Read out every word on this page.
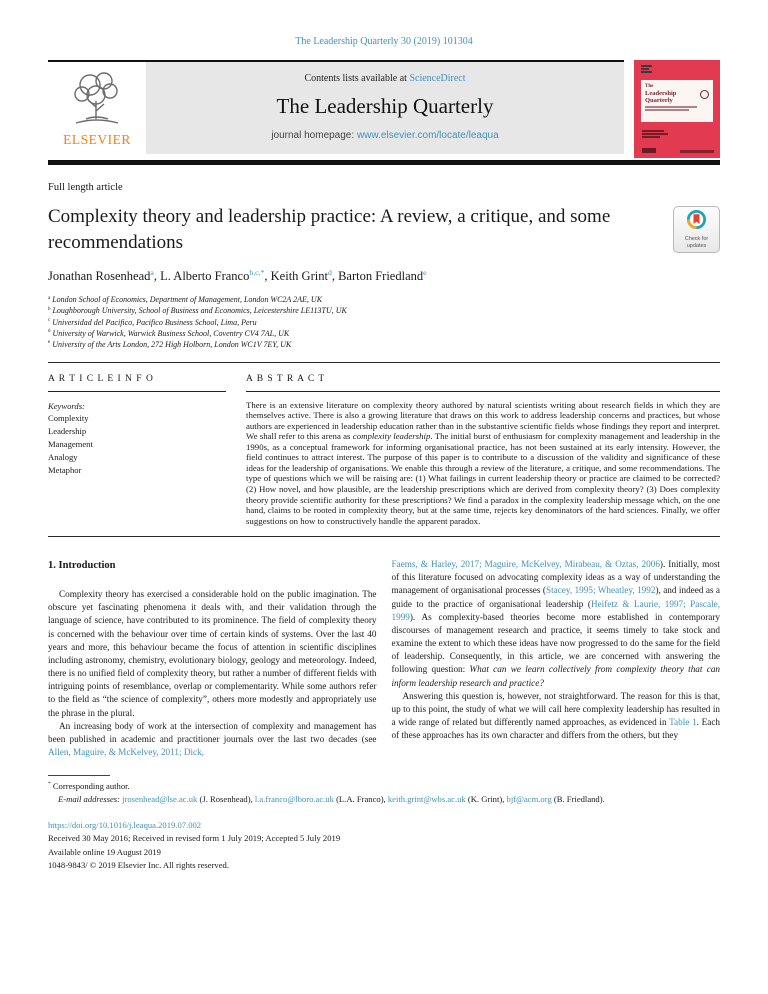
The Leadership Quarterly 30 (2019) 101304
ELSEVIER
Contents lists available at ScienceDirect
The Leadership Quarterly
journal homepage: www.elsevier.com/locate/leaqua
The
Leadership
Quarterly
Full length article
Complexity theory and leadership practice: A review, a critique, and some recommendations	Check for updates
Jonathan Rosenhead$^a$, L. Alberto Franco$^{b,c,*}$, Keith Grint$^d$, Barton Friedland$^e$
$^a$ London School of Economics, Department of Management, London WC2A 2AE, UK
$^b$ Loughborough University, School of Business and Economics, Leicestershire LE113TU, UK
$^c$ Universidad del Pacifico, Pacifico Business School, Lima, Peru
$^d$ University of Warwick, Warwick Business School, Coventry CV4 7AL, UK
$^e$ University of the Arts London, 272 High Holborn, London WC1V 7EY, UK
A R T I C L E I N F O
Keywords:
Complexity
Leadership
Management
Analogy
Metaphor
A B S T R A C T
There is an extensive literature on complexity theory authored by natural scientists writing about research fields in which they are themselves active. There is also a growing literature that draws on this work to address leadership concerns and practices, but whose authors are experienced in leadership education rather than in the substantive scientific fields whose findings they report and interpret. We shall refer to this arena as complexity leadership. The initial burst of enthusiasm for complexity management and leadership in the 1990s, as a conceptual framework for informing organisational practice, has not been sustained at its early intensity. However, the field continues to attract interest. The purpose of this paper is to contribute to a discussion of the validity and significance of these ideas for the leadership of organisations. We enable this through a review of the literature, a critique, and some recommendations. The type of questions which we will be raising are: (1) What failings in current leadership theory or practice are claimed to be corrected? (2) How novel, and how plausible, are the leadership prescriptions which are derived from complexity theory? (3) Does complexity theory provide scientific authority for these prescriptions? We find a paradox in the complexity leadership message which, on the one hand, claims to be rooted in complexity theory, but at the same time, rejects key denominators of the hard sciences. Finally, we offer suggestions on how to constructively handle the apparent paradox.
1. Introduction

Complexity theory has exercised a considerable hold on the public imagination. The obscure yet fascinating phenomena it deals with, and their validation through the language of science, have contributed to its prominence. The field of complexity theory is concerned with the behaviour over time of certain kinds of systems. Over the last 40 years and more, this behaviour became the focus of attention in scientific disciplines including astronomy, chemistry, evolutionary biology, geology and meteorology. Indeed, there is no unified field of complexity theory, but rather a number of different fields with intriguing points of resemblance, overlap or complementarity. While some authors refer to the field as “the science of complexity”, others more modestly and appropriately use the phrase in the plural.

An increasing body of work at the intersection of complexity and management has been published in academic and practitioner journals over the last two decades (see Allen, Maguire, & McKelvey, 2011; Dick,

Faems, & Harley, 2017; Maguire, McKelvey, Mirabeau, & Oztas, 2006). Initially, most of this literature focused on advocating complexity ideas as a way of understanding the management of organisational processes (Stacey, 1995; Wheatley, 1992), and indeed as a guide to the practice of organisational leadership (Heifetz & Laurie, 1997; Pascale, 1999). As complexity-based theories become more established in contemporary discourses of management research and practice, it seems timely to take stock and examine the extent to which these ideas have now progressed to do the same for the field of leadership. Consequently, in this article, we are concerned with answering the following question: What can we learn collectively from complexity theory that can inform leadership research and practice?

Answering this question is, however, not straightforward. The reason for this is that, up to this point, the study of what we will call here complexity leadership has resulted in a wide range of related but differently named approaches, as evidenced in Table 1. Each of these approaches has its own character and differs from the others, but they

* Corresponding author.
E-mail addresses: jrosenhead@lse.ac.uk (J. Rosenhead), l.a.franco@lboro.ac.uk (L.A. Franco), keith.grint@wbs.ac.uk (K. Grint), bjf@acm.org (B. Friedland).
https://doi.org/10.1016/j.leaqua.2019.07.002
Received 30 May 2016; Received in revised form 1 July 2019; Accepted 5 July 2019
Available online 19 August 2019
1048-9843/ © 2019 Elsevier Inc. All rights reserved.
